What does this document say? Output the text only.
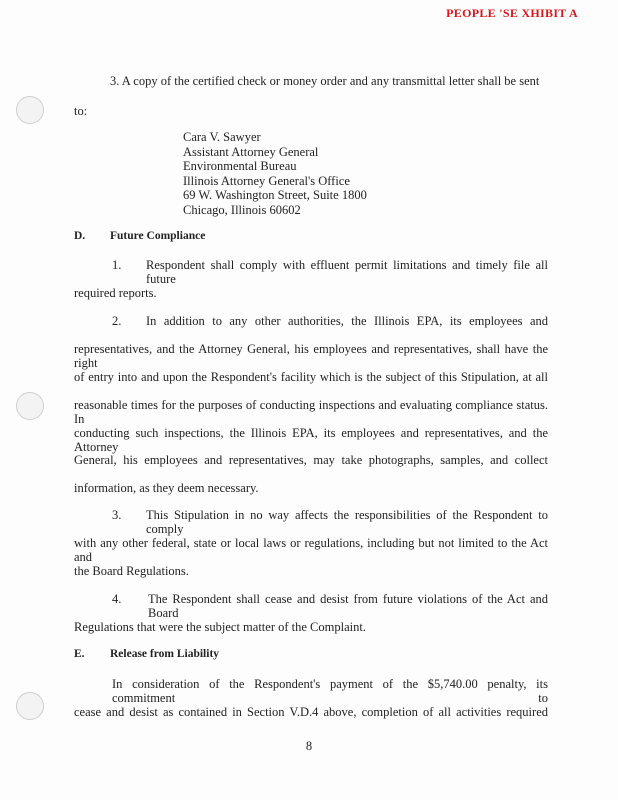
PEOPLE 'SE XHIBIT A
3. A copy of the certified check or money order and any transmittal letter shall be sent
to:
Cara V. Sawyer
Assistant Attorney General
Environmental Bureau
Illinois Attorney General's Office
69 W. Washington Street, Suite 1800
Chicago, Illinois 60602
D. Future Compliance
1. Respondent shall comply with effluent permit limitations and timely file all future
required reports.
2. In addition to any other authorities, the Illinois EPA, its employees and
representatives, and the Attorney General, his employees and representatives, shall have the right
of entry into and upon the Respondent's facility which is the subject of this Stipulation, at all
reasonable times for the purposes of conducting inspections and evaluating compliance status. In
conducting such inspections, the Illinois EPA, its employees and representatives, and the Attorney
General, his employees and representatives, may take photographs, samples, and collect
information, as they deem necessary.
3. This Stipulation in no way affects the responsibilities of the Respondent to comply
with any other federal, state or local laws or regulations, including but not limited to the Act and
the Board Regulations.
4. The Respondent shall cease and desist from future violations of the Act and Board
Regulations that were the subject matter of the Complaint.
E. Release from Liability
In consideration of the Respondent's payment of the $5,740.00 penalty, its commitment to
cease and desist as contained in Section V.D.4 above, completion of all activities required
8
